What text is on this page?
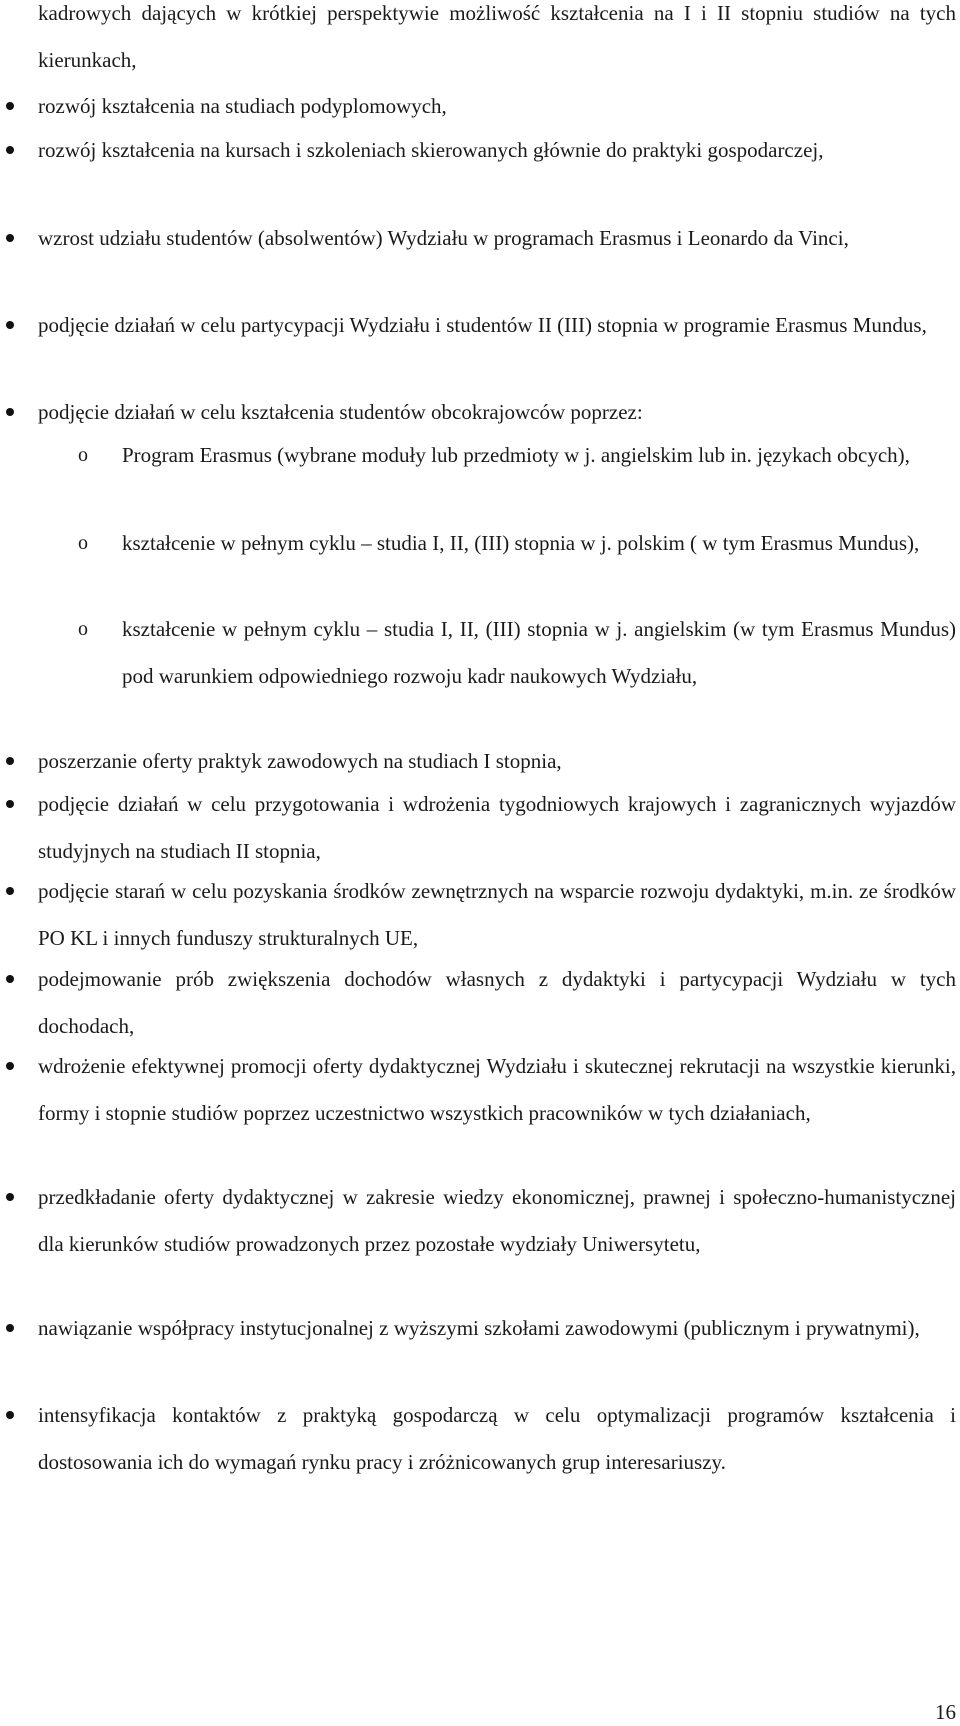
kadrowych dających w krótkiej perspektywie możliwość kształcenia na I i II stopniu studiów na tych kierunkach,
rozwój kształcenia na studiach podyplomowych,
rozwój kształcenia na kursach i szkoleniach skierowanych głównie do praktyki gospodarczej,
wzrost udziału studentów (absolwentów) Wydziału w programach Erasmus i Leonardo da Vinci,
podjęcie działań w celu partycypacji Wydziału i studentów II (III) stopnia w programie Erasmus Mundus,
podjęcie działań w celu kształcenia studentów obcokrajowców poprzez:
o Program Erasmus (wybrane moduły lub przedmioty w j. angielskim lub in. językach obcych),
o kształcenie w pełnym cyklu – studia I, II, (III) stopnia w j. polskim ( w tym Erasmus Mundus),
o kształcenie w pełnym cyklu – studia I, II, (III) stopnia w j. angielskim (w tym Erasmus Mundus) pod warunkiem odpowiedniego rozwoju kadr naukowych Wydziału,
poszerzanie oferty praktyk zawodowych na studiach I stopnia,
podjęcie działań w celu przygotowania i wdrożenia tygodniowych krajowych i zagranicznych wyjazdów studyjnych na studiach II stopnia,
podjęcie starań w celu pozyskania środków zewnętrznych na wsparcie rozwoju dydaktyki, m.in. ze środków PO KL i innych funduszy strukturalnych UE,
podejmowanie prób zwiększenia dochodów własnych z dydaktyki i partycypacji Wydziału w tych dochodach,
wdrożenie efektywnej promocji oferty dydaktycznej Wydziału i skutecznej rekrutacji na wszystkie kierunki, formy i stopnie studiów poprzez uczestnictwo wszystkich pracowników w tych działaniach,
przedkładanie oferty dydaktycznej w zakresie wiedzy ekonomicznej, prawnej i społeczno-humanistycznej dla kierunków studiów prowadzonych przez pozostałe wydziały Uniwersytetu,
nawiązanie współpracy instytucjonalnej z wyższymi szkołami zawodowymi (publicznym i prywatnymi),
intensyfikacja kontaktów z praktyką gospodarczą w celu optymalizacji programów kształcenia i dostosowania ich do wymagań rynku pracy i zróżnicowanych grup interesariuszy.
16
